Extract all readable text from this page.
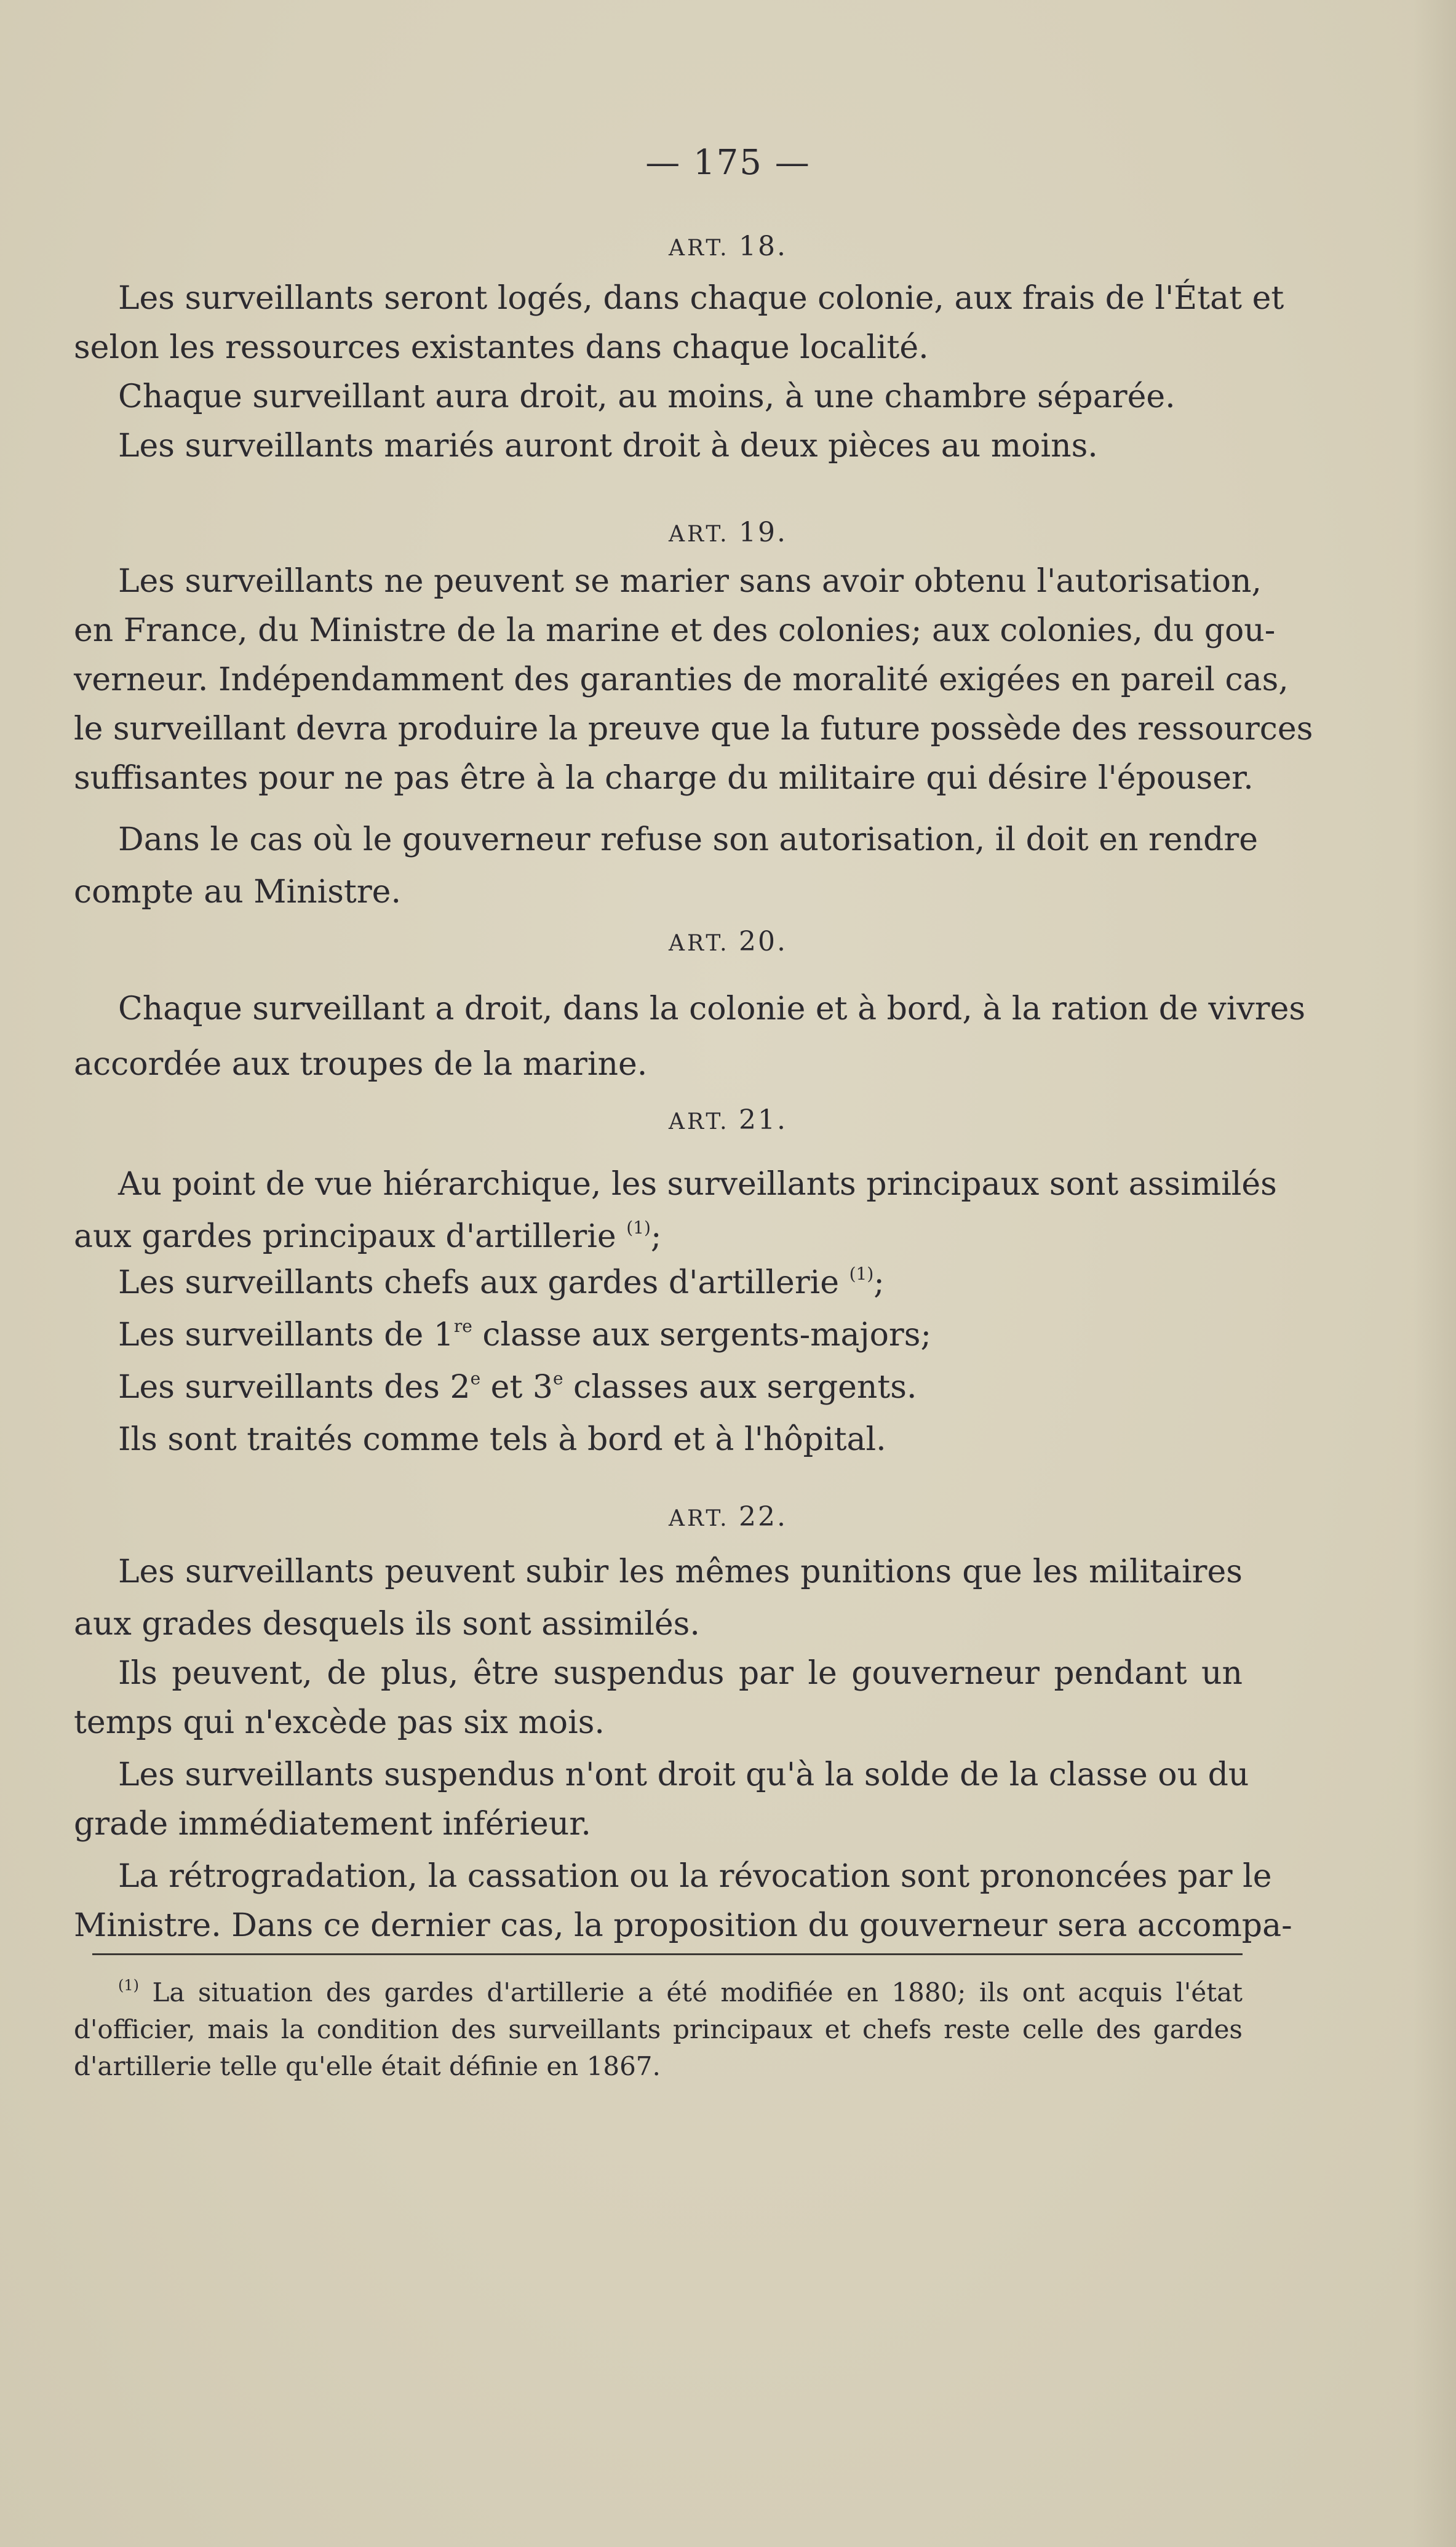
— 175 —
ART. 18.
Les surveillants seront logés, dans chaque colonie, aux frais de l'État et
selon les ressources existantes dans chaque localité.
Chaque surveillant aura droit, au moins, à une chambre séparée.
Les surveillants mariés auront droit à deux pièces au moins.
ART. 19.
Les surveillants ne peuvent se marier sans avoir obtenu l'autorisation,
en France, du Ministre de la marine et des colonies; aux colonies, du gou-
verneur. Indépendamment des garanties de moralité exigées en pareil cas,
le surveillant devra produire la preuve que la future possède des ressources
suffisantes pour ne pas être à la charge du militaire qui désire l'épouser.
Dans le cas où le gouverneur refuse son autorisation, il doit en rendre
compte au Ministre.
ART. 20.
Chaque surveillant a droit, dans la colonie et à bord, à la ration de vivres
accordée aux troupes de la marine.
ART. 21.
Au point de vue hiérarchique, les surveillants principaux sont assimilés
aux gardes principaux d'artillerie $^{(1)}$;
Les surveillants chefs aux gardes d'artillerie $^{(1)}$;
Les surveillants de 1re classe aux sergents-majors;
Les surveillants des 2e et 3e classes aux sergents.
Ils sont traités comme tels à bord et à l'hôpital.
ART. 22.
Les surveillants peuvent subir les mêmes punitions que les militaires
aux grades desquels ils sont assimilés.
Ils peuvent, de plus, être suspendus par le gouverneur pendant un
temps qui n'excède pas six mois.
Les surveillants suspendus n'ont droit qu'à la solde de la classe ou du
grade immédiatement inférieur.
La rétrogradation, la cassation ou la révocation sont prononcées par le
Ministre. Dans ce dernier cas, la proposition du gouverneur sera accompa-
$^{(1)}$ La situation des gardes d'artillerie a été modifiée en 1880; ils ont acquis l'état
d'officier, mais la condition des surveillants principaux et chefs reste celle des gardes
d'artillerie telle qu'elle était définie en 1867.
